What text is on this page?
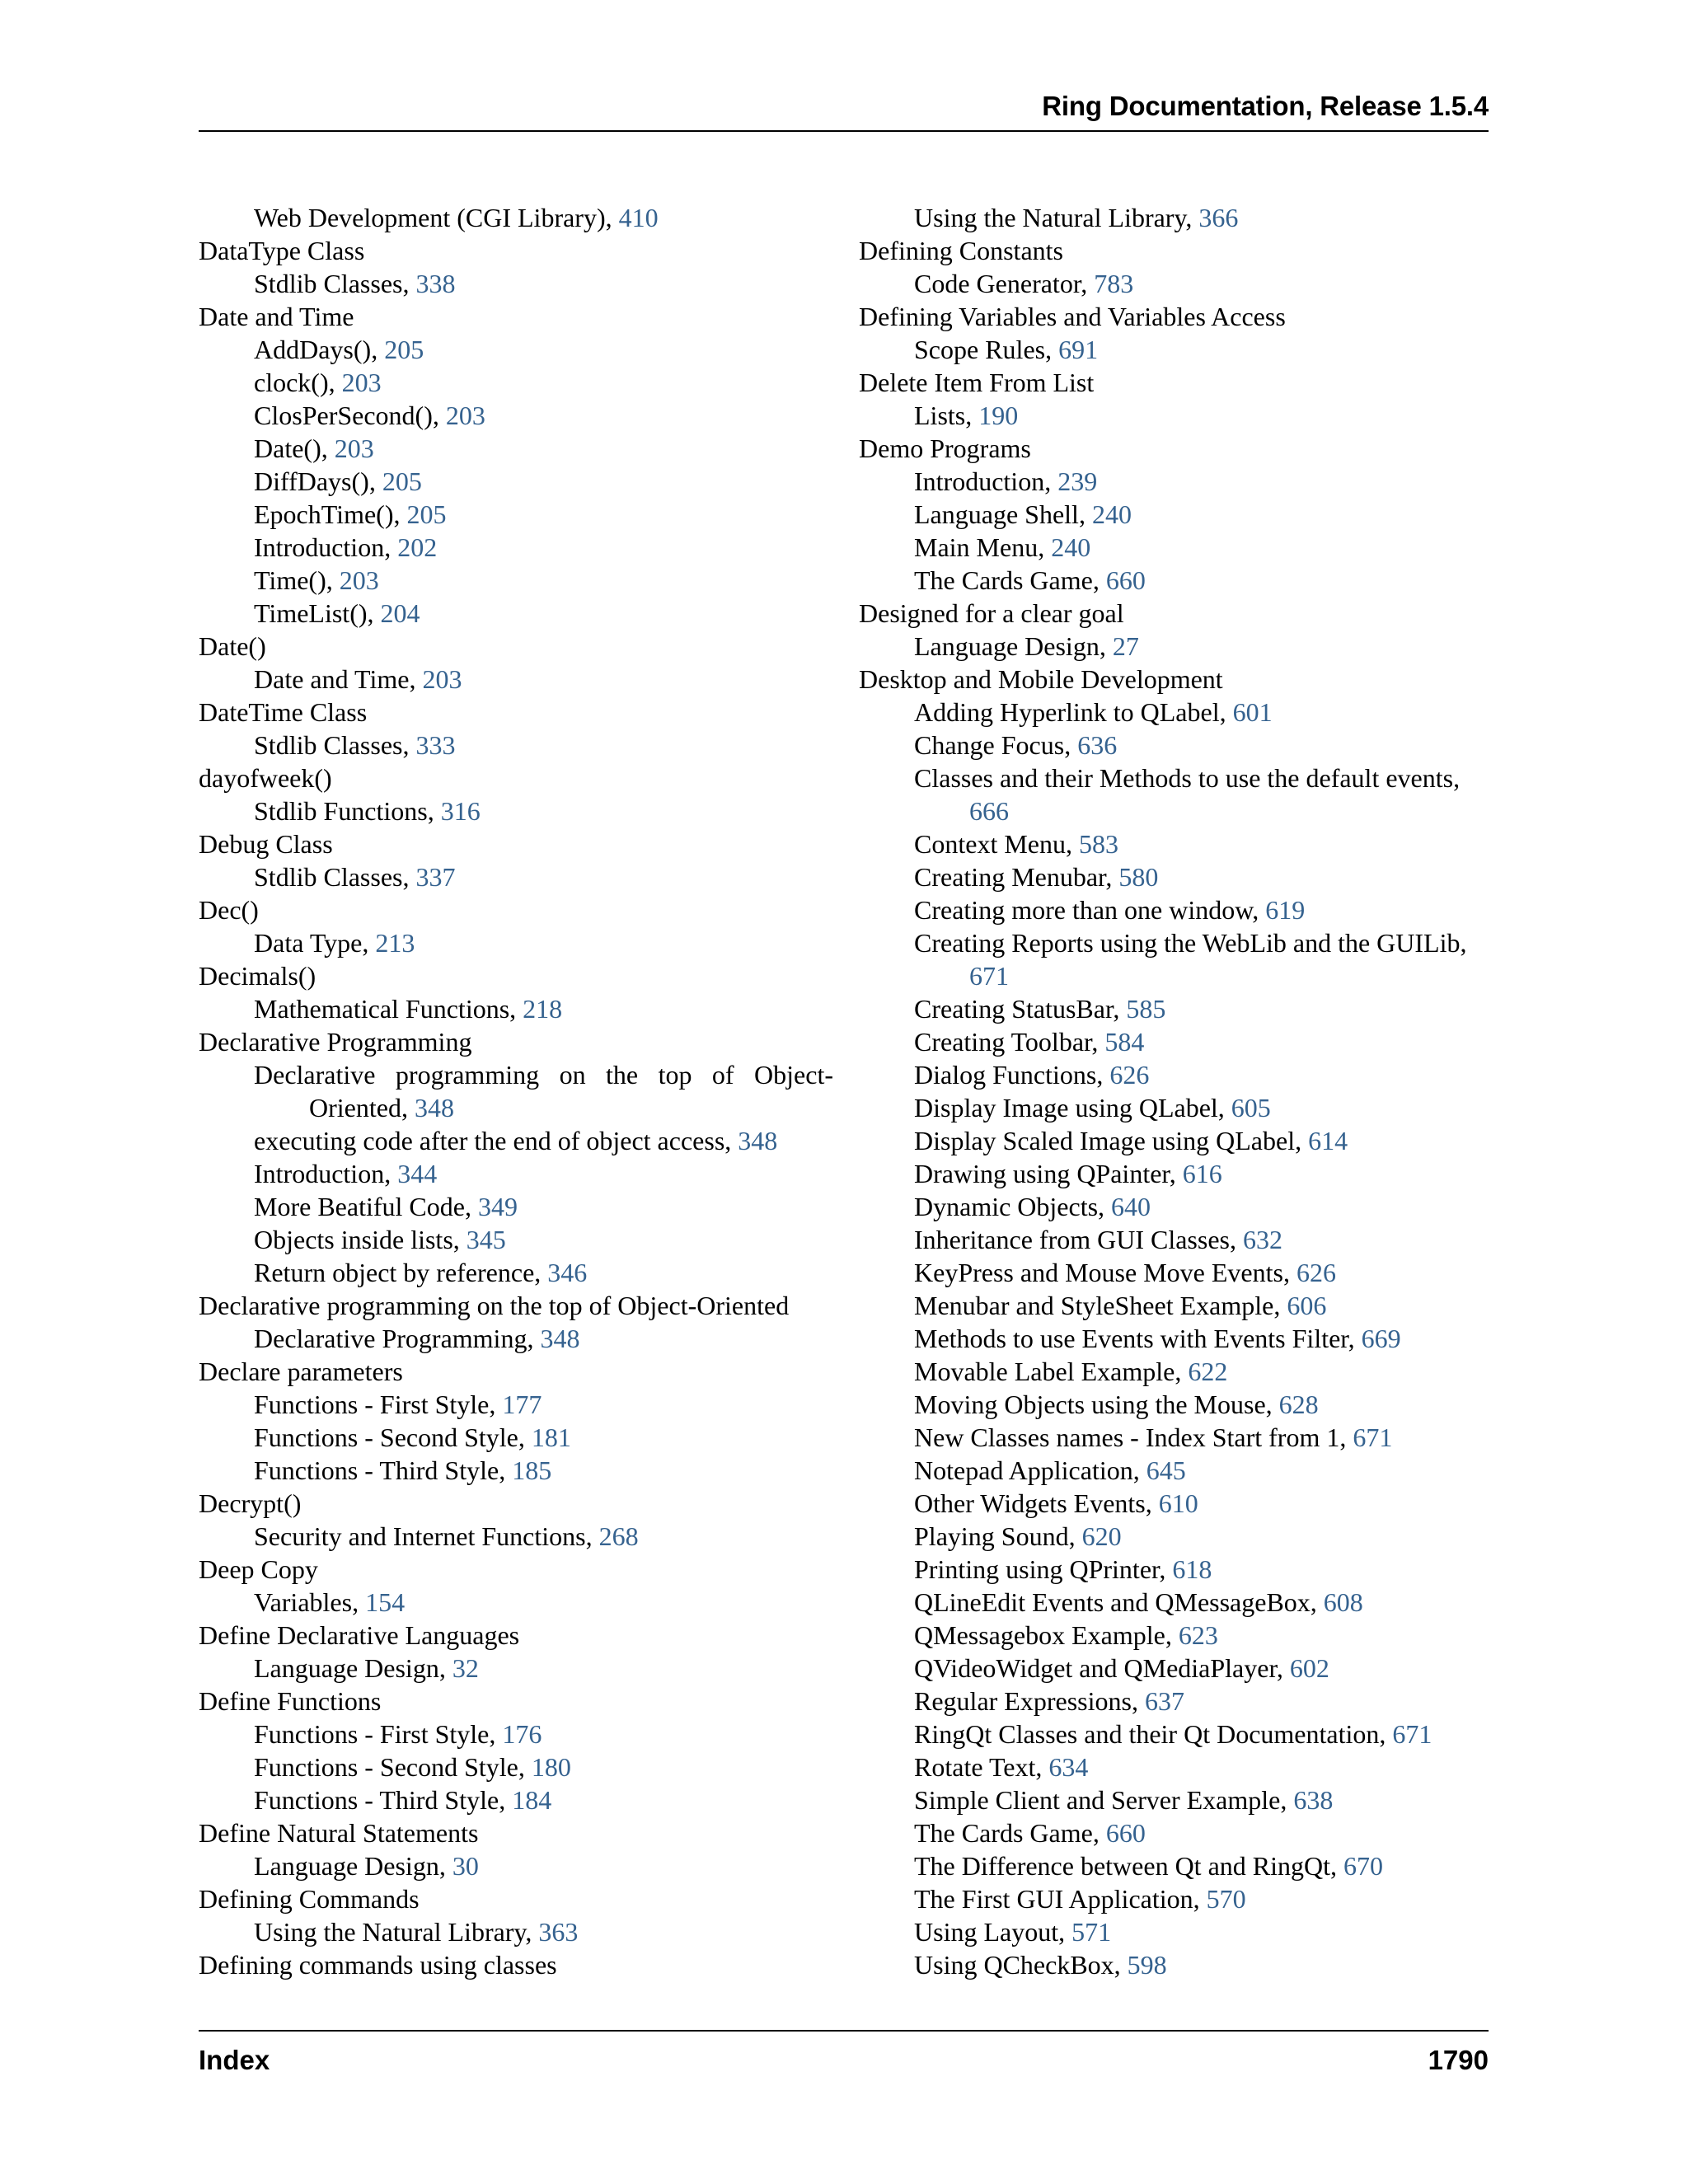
Ring Documentation, Release 1.5.4
Web Development (CGI Library), 410
DataType Class
Stdlib Classes, 338
Date and Time
AddDays(), 205
clock(), 203
ClosPerSecond(), 203
Date(), 203
DiffDays(), 205
EpochTime(), 205
Introduction, 202
Time(), 203
TimeList(), 204
Date()
Date and Time, 203
DateTime Class
Stdlib Classes, 333
dayofweek()
Stdlib Functions, 316
Debug Class
Stdlib Classes, 337
Dec()
Data Type, 213
Decimals()
Mathematical Functions, 218
Declarative Programming
Declarative programming on the top of Object-Oriented, 348
executing code after the end of object access, 348
Introduction, 344
More Beatiful Code, 349
Objects inside lists, 345
Return object by reference, 346
Declarative programming on the top of Object-Oriented
Declarative Programming, 348
Declare parameters
Functions - First Style, 177
Functions - Second Style, 181
Functions - Third Style, 185
Decrypt()
Security and Internet Functions, 268
Deep Copy
Variables, 154
Define Declarative Languages
Language Design, 32
Define Functions
Functions - First Style, 176
Functions - Second Style, 180
Functions - Third Style, 184
Define Natural Statements
Language Design, 30
Defining Commands
Using the Natural Library, 363
Defining commands using classes
Using the Natural Library, 366
Defining Constants
Code Generator, 783
Defining Variables and Variables Access
Scope Rules, 691
Delete Item From List
Lists, 190
Demo Programs
Introduction, 239
Language Shell, 240
Main Menu, 240
The Cards Game, 660
Designed for a clear goal
Language Design, 27
Desktop and Mobile Development
Adding Hyperlink to QLabel, 601
Change Focus, 636
Classes and their Methods to use the default events, 666
Context Menu, 583
Creating Menubar, 580
Creating more than one window, 619
Creating Reports using the WebLib and the GUILib, 671
Creating StatusBar, 585
Creating Toolbar, 584
Dialog Functions, 626
Display Image using QLabel, 605
Display Scaled Image using QLabel, 614
Drawing using QPainter, 616
Dynamic Objects, 640
Inheritance from GUI Classes, 632
KeyPress and Mouse Move Events, 626
Menubar and StyleSheet Example, 606
Methods to use Events with Events Filter, 669
Movable Label Example, 622
Moving Objects using the Mouse, 628
New Classes names - Index Start from 1, 671
Notepad Application, 645
Other Widgets Events, 610
Playing Sound, 620
Printing using QPrinter, 618
QLineEdit Events and QMessageBox, 608
QMessagebox Example, 623
QVideoWidget and QMediaPlayer, 602
Regular Expressions, 637
RingQt Classes and their Qt Documentation, 671
Rotate Text, 634
Simple Client and Server Example, 638
The Cards Game, 660
The Difference between Qt and RingQt, 670
The First GUI Application, 570
Using Layout, 571
Using QCheckBox, 598
Index	1790
